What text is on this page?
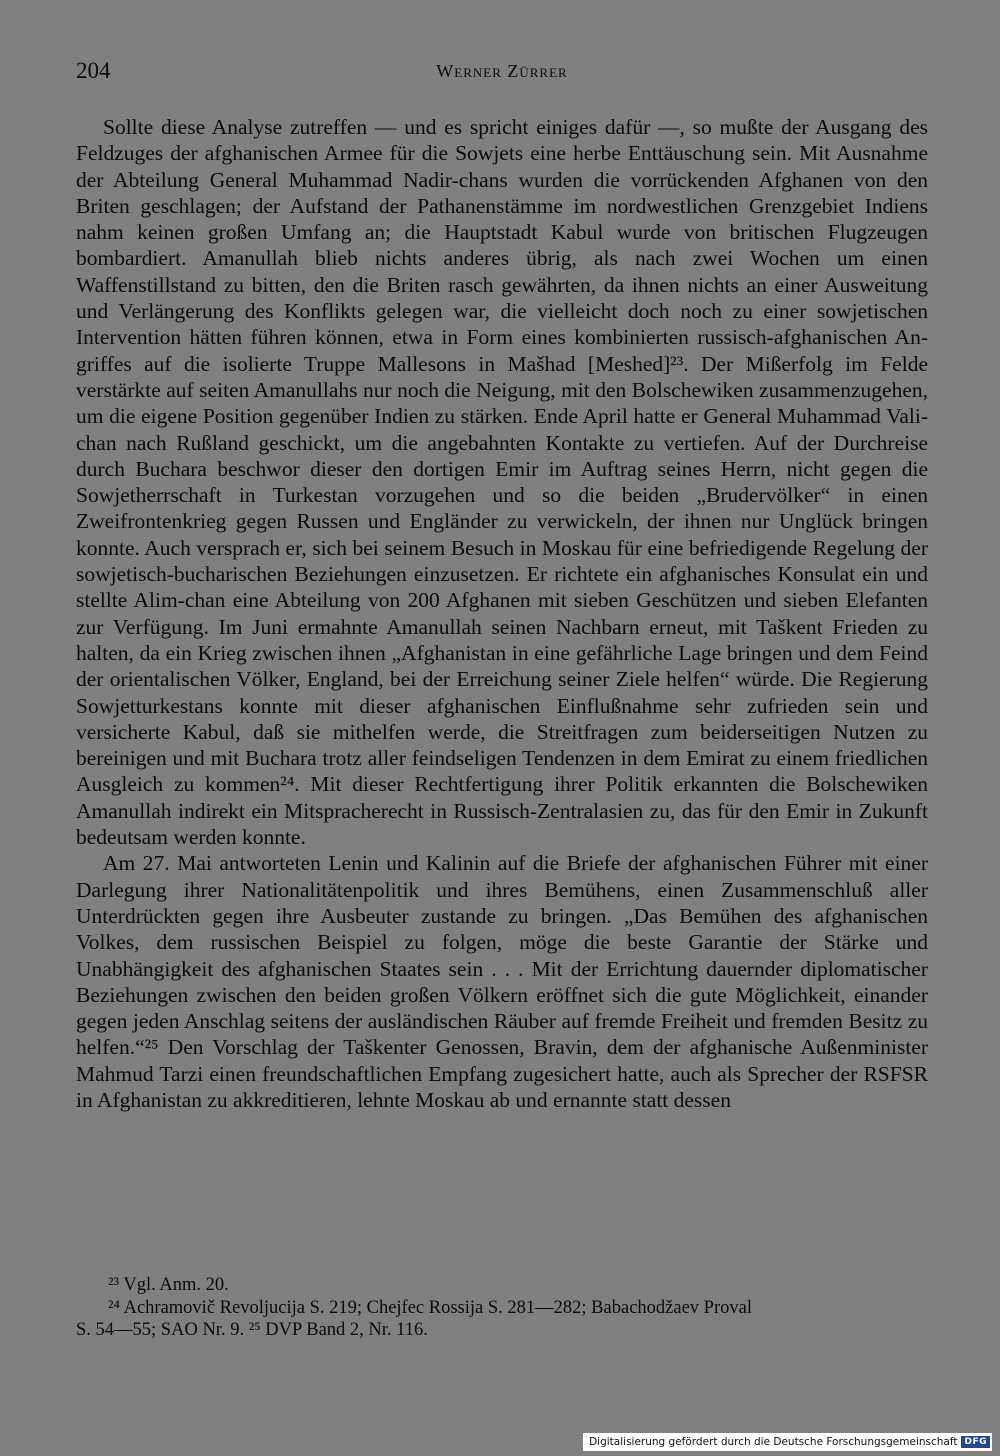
204	Werner Zürrer

Sollte diese Analyse zutreffen — und es spricht einiges dafür —, so mußte der Ausgang des Feldzuges der afghanischen Armee für die Sowjets eine herbe Enttäuschung sein. Mit Ausnahme der Abteilung General Muhammad Nadir-chans wurden die vorrückenden Afghanen von den Briten geschlagen; der Aufstand der Pathanenstämme im nordwestlichen Grenzgebiet Indiens nahm keinen großen Umfang an; die Hauptstadt Kabul wurde von britischen Flugzeugen bombardiert. Amanullah blieb nichts anderes übrig, als nach zwei Wochen um einen Waffenstillstand zu bitten, den die Briten rasch gewährten, da ihnen nichts an einer Ausweitung und Verlängerung des Konflikts gelegen war, die vielleicht doch noch zu einer sowjetischen Intervention hätten führen können, etwa in Form eines kombinierten russisch-afghanischen Angriffes auf die isolierte Truppe Mallesons in Mašhad [Meshed]²³. Der Mißerfolg im Felde verstärkte auf seiten Amanullahs nur noch die Neigung, mit den Bolschewiken zusammenzugehen, um die eigene Position gegenüber Indien zu stärken. Ende April hatte er General Muhammad Vali-chan nach Rußland geschickt, um die angebahnten Kontakte zu vertiefen. Auf der Durchreise durch Buchara beschwor dieser den dortigen Emir im Auftrag seines Herrn, nicht gegen die Sowjetherrschaft in Turkestan vorzugehen und so die beiden „Brudervölker“ in einen Zweifrontenkrieg gegen Russen und Engländer zu verwickeln, der ihnen nur Unglück bringen konnte. Auch versprach er, sich bei seinem Besuch in Moskau für eine befriedigende Regelung der sowjetisch-bucharischen Beziehungen einzusetzen. Er richtete ein afghanisches Konsulat ein und stellte Alim-chan eine Abteilung von 200 Afghanen mit sieben Geschützen und sieben Elefanten zur Verfügung. Im Juni ermahnte Amanullah seinen Nachbarn erneut, mit Taškent Frieden zu halten, da ein Krieg zwischen ihnen „Afghanistan in eine gefährliche Lage bringen und dem Feind der orientalischen Völker, England, bei der Erreichung seiner Ziele helfen“ würde. Die Regierung Sowjetturkestans konnte mit dieser afghanischen Einflußnahme sehr zufrieden sein und versicherte Kabul, daß sie mithelfen werde, die Streitfragen zum beiderseitigen Nutzen zu bereinigen und mit Buchara trotz aller feindseligen Tendenzen in dem Emirat zu einem friedlichen Ausgleich zu kommen²⁴. Mit dieser Rechtfertigung ihrer Politik erkannten die Bolschewiken Amanullah indirekt ein Mitspracherecht in Russisch-Zentralasien zu, das für den Emir in Zukunft bedeutsam werden konnte.

Am 27. Mai antworteten Lenin und Kalinin auf die Briefe der afghanischen Führer mit einer Darlegung ihrer Nationalitätenpolitik und ihres Bemühens, einen Zusammenschluß aller Unterdrückten gegen ihre Ausbeuter zustande zu bringen. „Das Bemühen des afghanischen Volkes, dem russischen Beispiel zu folgen, möge die beste Garantie der Stärke und Unabhängigkeit des afghanischen Staates sein . . . Mit der Errichtung dauernder diplomatischer Beziehungen zwischen den beiden großen Völkern eröffnet sich die gute Möglichkeit, einander gegen jeden Anschlag seitens der ausländischen Räuber auf fremde Freiheit und fremden Besitz zu helfen.“²⁵ Den Vorschlag der Taškenter Genossen, Bravin, dem der afghanische Außenminister Mahmud Tarzi einen freundschaftlichen Empfang zugesichert hatte, auch als Sprecher der RSFSR in Afghanistan zu akkreditieren, lehnte Moskau ab und ernannte statt dessen

²³ Vgl. Anm. 20.

²⁴ Achramovič Revoljucija S. 219; Chejfec Rossija S. 281—282; Babachodžaev Proval

S. 54—55; SAO Nr. 9. ²⁵ DVP Band 2, Nr. 116.

Digitalisierung gefördert durch die Deutsche Forschungsgemeinschaft DFG
